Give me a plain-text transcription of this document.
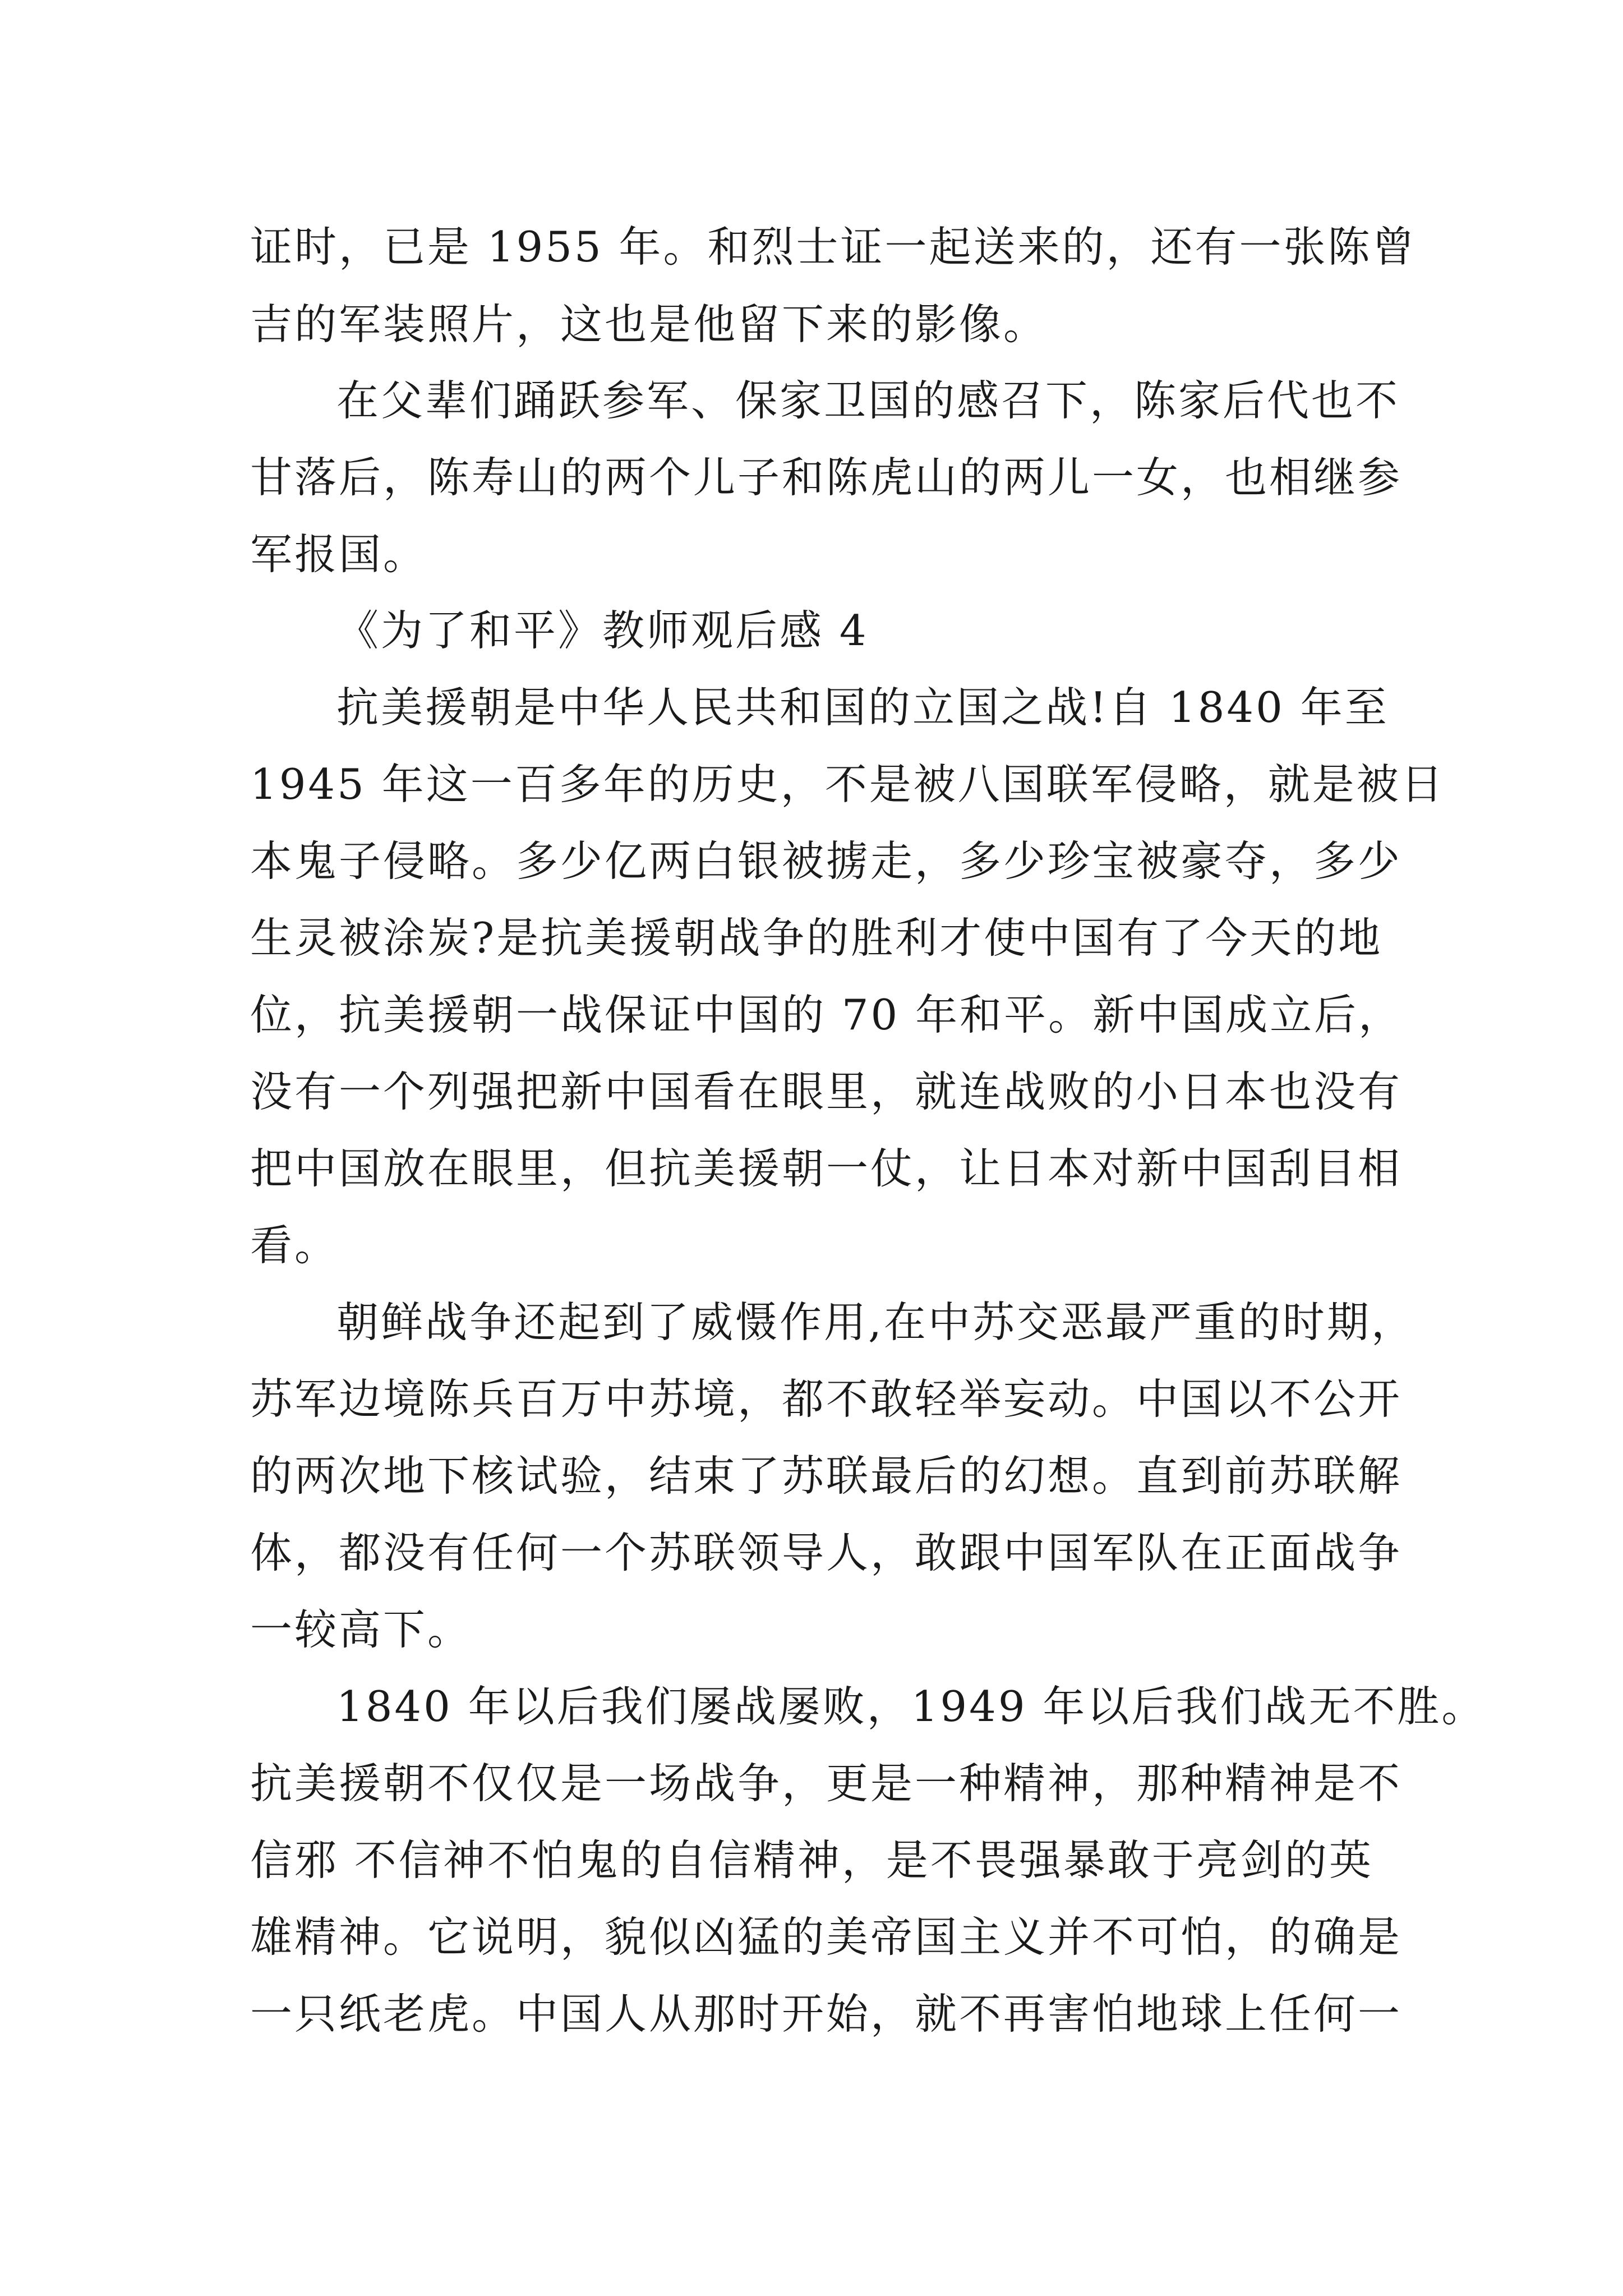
证时，已是 1955 年。和烈士证一起送来的，还有一张陈曾
吉的军装照片，这也是他留下来的影像。
在父辈们踊跃参军、保家卫国的感召下，陈家后代也不
甘落后，陈寿山的两个儿子和陈虎山的两儿一女，也相继参
军报国。
《为了和平》教师观后感 4
抗美援朝是中华人民共和国的立国之战!自 1840 年至
1945 年这一百多年的历史，不是被八国联军侵略，就是被日
本鬼子侵略。多少亿两白银被掳走，多少珍宝被豪夺，多少
生灵被涂炭?是抗美援朝战争的胜利才使中国有了今天的地
位，抗美援朝一战保证中国的 70 年和平。新中国成立后，
没有一个列强把新中国看在眼里，就连战败的小日本也没有
把中国放在眼里，但抗美援朝一仗，让日本对新中国刮目相
看。
朝鲜战争还起到了威慑作用,在中苏交恶最严重的时期，
苏军边境陈兵百万中苏境，都不敢轻举妄动。中国以不公开
的两次地下核试验，结束了苏联最后的幻想。直到前苏联解
体，都没有任何一个苏联领导人，敢跟中国军队在正面战争
一较高下。
1840 年以后我们屡战屡败，1949 年以后我们战无不胜。
抗美援朝不仅仅是一场战争，更是一种精神，那种精神是不
信邪 不信神不怕鬼的自信精神，是不畏强暴敢于亮剑的英
雄精神。它说明，貌似凶猛的美帝国主义并不可怕，的确是
一只纸老虎。中国人从那时开始，就不再害怕地球上任何一
